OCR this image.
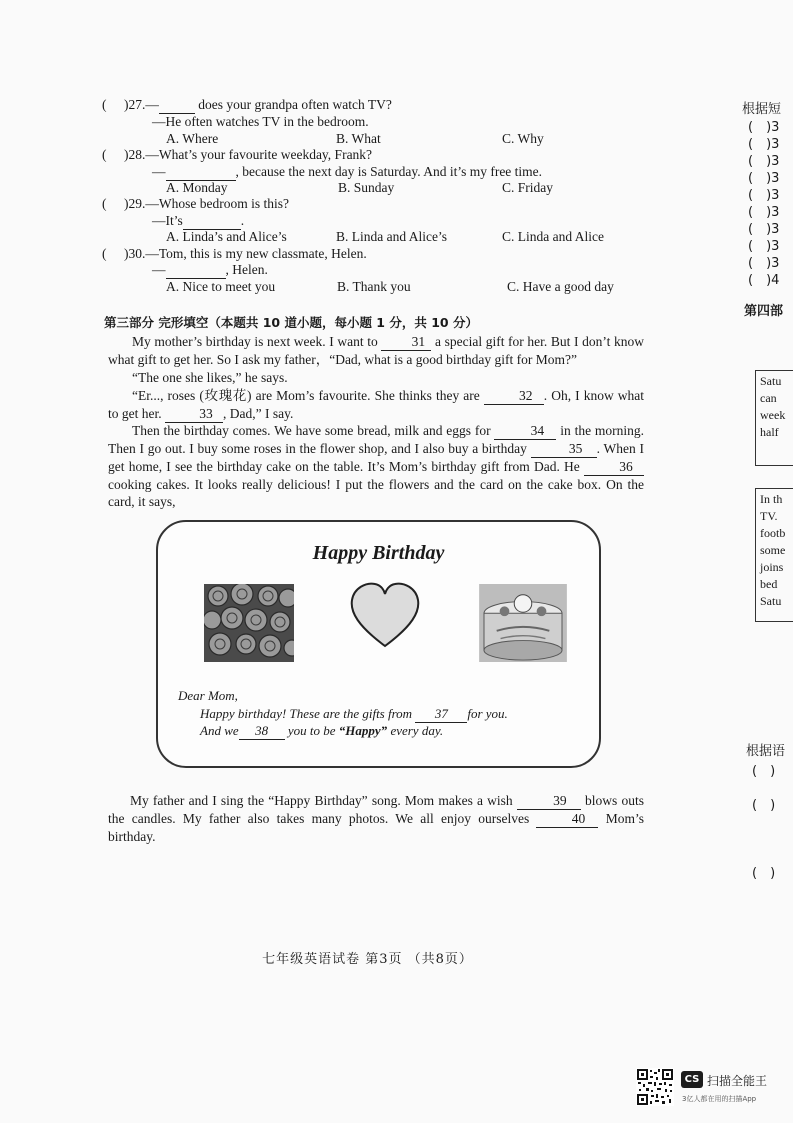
( )27.—	does your grandpa often watch TV?
—He often watches TV in the bedroom.
A. Where	B. What	C. Why
( )28.—What’s your favourite weekday, Frank?
—	, because the next day is Saturday. And it’s my free time.
A. Monday	B. Sunday	C. Friday
( )29.—Whose bedroom is this?
—It’s	.
A. Linda’s and Alice’s	B. Linda and Alice’s	C. Linda and Alice
( )30.—Tom, this is my new classmate, Helen.
—	, Helen.
A. Nice to meet you	B. Thank you	C. Have a good day
第三部分 完形填空（本题共 10 道小题，每小题 1 分，共 10 分）
My mother’s birthday is next week. I want to 31 a special gift for her. But I don’t know what gift to get her. So I ask my father，“Dad, what is a good birthday gift for Mom?”
“The one she likes,” he says.
“Er..., roses (玫瑰花) are Mom’s favourite. She thinks they are	32 . Oh, I know what to get her.	33 , Dad,” I say.
Then the birthday comes. We have some bread, milk and eggs for	34 in the morning. Then I go out. I buy some roses in the flower shop, and I also buy a birthday	35 . When I get home, I see the birthday cake on the table. It’s Mom’s birthday gift from Dad. He	36 cooking cakes. It looks really delicious! I put the flowers and the card on the cake box. On the card, it says,
Happy Birthday
Dear Mom,
Happy birthday! These are the gifts from 37 for you.
And we 38 you to be “Happy” every day.
My father and I sing the “Happy Birthday” song. Mom makes a wish	39 blows outs the candles. My father also takes many photos. We all enjoy ourselves	40 Mom’s birthday.
七年级英语试卷 第3页 （共8页）
根据短
(　)3
(　)3
(　)3
(　)3
(　)3
(　)3
(　)3
(　)3
(　)3
(　)4
第四部
Satu
can
week
half
In th
TV.
footb
some
joins
bed
Satu
根据语
(　)
(　)
(　)
CS 扫描全能王
3亿人都在用的扫描App
